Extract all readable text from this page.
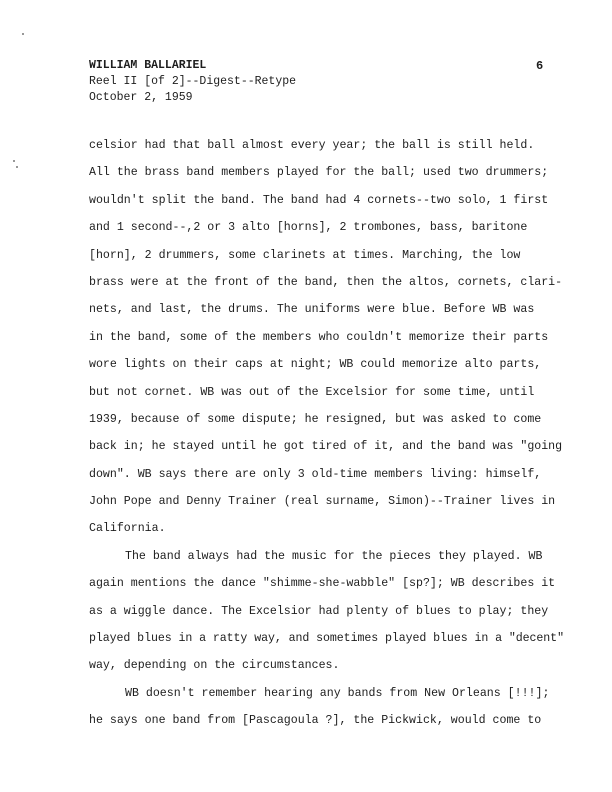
WILLIAM BALLARIEL
Reel II [of 2]--Digest--Retype
October 2, 1959
6
celsior had that ball almost every year; the ball is still held.
All the brass band members played for the ball; used two drummers;
wouldn't split the band. The band had 4 cornets--two solo, 1 first
and 1 second--,2 or 3 alto [horns], 2 trombones, bass, baritone
[horn], 2 drummers, some clarinets at times. Marching, the low
brass were at the front of the band, then the altos, cornets, clari-
nets, and last, the drums. The uniforms were blue. Before WB was
in the band, some of the members who couldn't memorize their parts
wore lights on their caps at night; WB could memorize alto parts,
but not cornet. WB was out of the Excelsior for some time, until
1939, because of some dispute; he resigned, but was asked to come
back in; he stayed until he got tired of it, and the band was "going
down". WB says there are only 3 old-time members living: himself,
John Pope and Denny Trainer (real surname, Simon)--Trainer lives in
California.
The band always had the music for the pieces they played. WB
again mentions the dance "shimme-she-wabble" [sp?]; WB describes it
as a wiggle dance. The Excelsior had plenty of blues to play; they
played blues in a ratty way, and sometimes played blues in a "decent"
way, depending on the circumstances.
WB doesn't remember hearing any bands from New Orleans [!!!];
he says one band from [Pascagoula ?], the Pickwick, would come to
